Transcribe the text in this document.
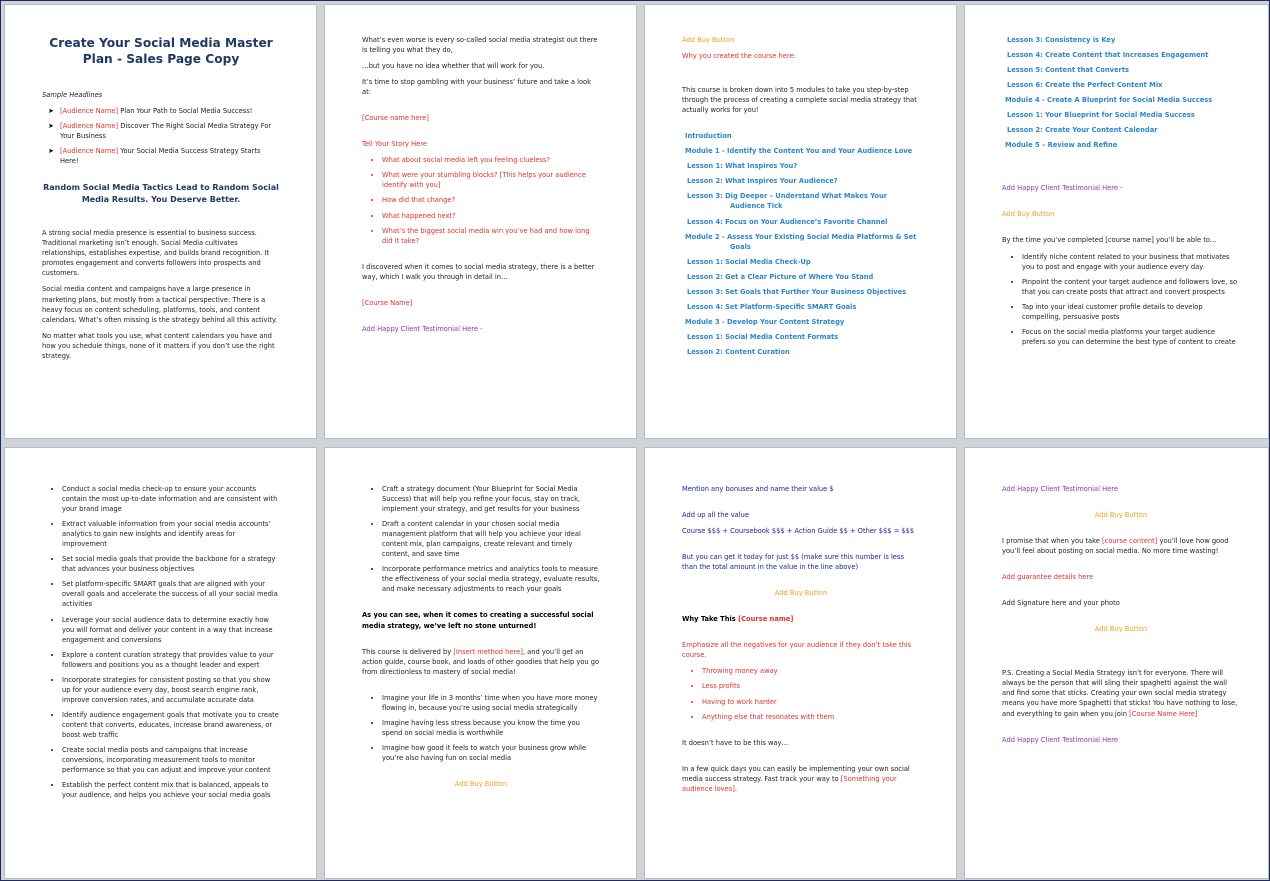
Create Your Social Media Master Plan - Sales Page Copy
Sample Headlines
➤ [Audience Name] Plan Your Path to Social Media Success!
➤ [Audience Name] Discover The Right Social Media Strategy For Your Business
➤ [Audience Name] Your Social Media Success Strategy Starts Here!
Random Social Media Tactics Lead to Random Social Media Results. You Deserve Better.

A strong social media presence is essential to business success. Traditional marketing isn’t enough. Social Media cultivates relationships, establishes expertise, and builds brand recognition. It promotes engagement and converts followers into prospects and customers.

Social media content and campaigns have a large presence in marketing plans, but mostly from a tactical perspective: There is a heavy focus on content scheduling, platforms, tools, and content calendars. What’s often missing is the strategy behind all this activity.

No matter what tools you use, what content calendars you have and how you schedule things, none of it matters if you don’t use the right strategy.

What’s even worse is every so-called social media strategist out there is telling you what they do,

…but you have no idea whether that will work for you.

It’s time to stop gambling with your business’ future and take a look at:

[Course name here]

Tell Your Story Here

• What about social media left you feeling clueless?
• What were your stumbling blocks? [This helps your audience identify with you]
• How did that change?
• What happened next?
• What’s the biggest social media win you’ve had and how long did it take?

I discovered when it comes to social media strategy, there is a better way, which I walk you through in detail in…

[Course Name]

Add Happy Client Testimonial Here -

Add Buy Button

Why you created the course here:

This course is broken down into 5 modules to take you step-by-step through the process of creating a complete social media strategy that actually works for you!

Introduction
Module 1 - Identify the Content You and Your Audience Love
Lesson 1: What Inspires You?
Lesson 2: What Inspires Your Audience?
Lesson 3: Dig Deeper – Understand What Makes Your Audience Tick
Lesson 4: Focus on Your Audience’s Favorite Channel
Module 2 - Assess Your Existing Social Media Platforms & Set Goals
Lesson 1: Social Media Check-Up
Lesson 2: Get a Clear Picture of Where You Stand
Lesson 3: Set Goals that Further Your Business Objectives
Lesson 4: Set Platform-Specific SMART Goals
Module 3 - Develop Your Content Strategy
Lesson 1: Social Media Content Formats
Lesson 2: Content Curation
Lesson 3: Consistency is Key
Lesson 4: Create Content that Increases Engagement
Lesson 5: Content that Converts
Lesson 6: Create the Perfect Content Mix
Module 4 - Create A Blueprint for Social Media Success
Lesson 1: Your Blueprint for Social Media Success
Lesson 2: Create Your Content Calendar
Module 5 – Review and Refine

Add Happy Client Testimonial Here -

Add Buy Button

By the time you’ve completed [course name] you’ll be able to…

• Identify niche content related to your business that motivates you to post and engage with your audience every day
• Pinpoint the content your target audience and followers love, so that you can create posts that attract and convert prospects
• Tap into your ideal customer profile details to develop compelling, persuasive posts
• Focus on the social media platforms your target audience prefers so you can determine the best type of content to create
• Conduct a social media check-up to ensure your accounts contain the most up-to-date information and are consistent with your brand image
• Extract valuable information from your social media accounts’ analytics to gain new insights and identify areas for improvement
• Set social media goals that provide the backbone for a strategy that advances your business objectives
• Set platform-specific SMART goals that are aligned with your overall goals and accelerate the success of all your social media activities
• Leverage your social audience data to determine exactly how you will format and deliver your content in a way that increase engagement and conversions
• Explore a content curation strategy that provides value to your followers and positions you as a thought leader and expert
• Incorporate strategies for consistent posting so that you show up for your audience every day, boost search engine rank, improve conversion rates, and accumulate accurate data
• Identify audience engagement goals that motivate you to create content that converts, educates, increase brand awareness, or boost web traffic
• Create social media posts and campaigns that increase conversions, incorporating measurement tools to monitor performance so that you can adjust and improve your content
• Establish the perfect content mix that is balanced, appeals to your audience, and helps you achieve your social media goals
• Craft a strategy document (Your Blueprint for Social Media Success) that will help you refine your focus, stay on track, implement your strategy, and get results for your business
• Draft a content calendar in your chosen social media management platform that will help you achieve your ideal content mix, plan campaigns, create relevant and timely content, and save time
• Incorporate performance metrics and analytics tools to measure the effectiveness of your social media strategy, evaluate results, and make necessary adjustments to reach your goals

As you can see, when it comes to creating a successful social media strategy, we’ve left no stone unturned!

This course is delivered by [Insert method here], and you’ll get an action guide, course book, and loads of other goodies that help you go from directionless to mastery of social media!

• Imagine your life in 3 months’ time when you have more money flowing in, because you’re using social media strategically
• Imagine having less stress because you know the time you spend on social media is worthwhile
• Imagine how good it feels to watch your business grow while you’re also having fun on social media

Add Buy Button

Mention any bonuses and name their value $

Add up all the value

Course $$$ + Coursebook $$$ + Action Guide $$ + Other $$$ = $$$

But you can get it today for just $$ (make sure this number is less than the total amount in the value in the line above)

Add Buy Button

Why Take This [Course name]

Emphasize all the negatives for your audience if they don’t take this course.

• Throwing money away
• Less profits
• Having to work harder
• Anything else that resonates with them

It doesn’t have to be this way…

In a few quick days you can easily be implementing your own social media success strategy. Fast track your way to [Something your audience loves].

Add Happy Client Testimonial Here

Add Buy Button

I promise that when you take [course content] you’ll love how good you’ll feel about posting on social media. No more time wasting!

Add guarantee details here

Add Signature here and your photo

Add Buy Button

P.S. Creating a Social Media Strategy isn’t for everyone. There will always be the person that will sling their spaghetti against the wall and find some that sticks. Creating your own social media strategy means you have more Spaghetti that sticks! You have nothing to lose, and everything to gain when you join [Course Name Here]

Add Happy Client Testimonial Here
